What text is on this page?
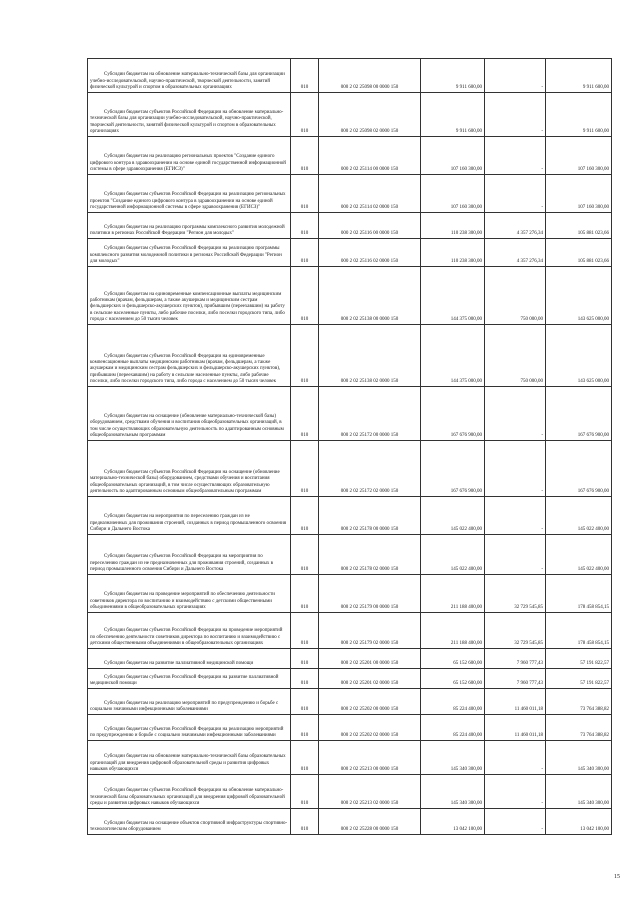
Субсидии бюджетам на обновление материально-технической базы для организации учебно-исследовательской, научно-практической, творческой деятельности, занятий физической культурой и спортом в образовательных организациях	010	000 2 02 25098 00 0000 150	9 911 600,00	-	9 911 600,00

Субсидии бюджетам субъектов Российской Федерации на обновление материально-технической базы для организации учебно-исследовательской, научно-практической, творческой деятельности, занятий физической культурой и спортом в образовательных организациях	010	000 2 02 25098 02 0000 150	9 911 600,00	-	9 911 600,00

Субсидии бюджетам на реализацию региональных проектов "Создание единого цифрового контура в здравоохранении на основе единой государственной информационной системы в сфере здравоохранения (ЕГИСЗ)"	010	000 2 02 25114 00 0000 150	107 160 300,00	-	107 160 300,00

Субсидии бюджетам субъектов Российской Федерации на реализацию региональных проектов "Создание единого цифрового контура в здравоохранении на основе единой государственной информационной системы в сфере здравоохранения (ЕГИСЗ)"	010	000 2 02 25114 02 0000 150	107 160 300,00	-	107 160 300,00

Субсидии бюджетам на реализацию программы комплексного развития молодежной политики в регионах Российской Федерации "Регион для молодых"	010	000 2 02 25116 00 0000 150	110 238 300,00	4 357 276,34	105 881 023,66

Субсидии бюджетам субъектов Российской Федерации на реализацию программы комплексного развития молодежной политики в регионах Российской Федерации "Регион для молодых"	010	000 2 02 25116 02 0000 150	110 238 300,00	4 357 276,34	105 881 023,66

Субсидии бюджетам на единовременные компенсационные выплаты медицинским работникам (врачам, фельдшерам, а также акушеркам и медицинским сестрам фельдшерских и фельдшерско-акушерских пунктов), прибывшим (переехавшим) на работу в сельские населенные пункты, либо рабочие поселки, либо поселки городского типа, либо города с населением до 50 тысяч человек	010	000 2 02 25138 00 0000 150	144 375 000,00	750 000,00	143 625 000,00

Субсидии бюджетам субъектов Российской Федерации на единовременные компенсационные выплаты медицинским работникам (врачам, фельдшерам, а также акушеркам и медицинским сестрам фельдшерских и фельдшерско-акушерских пунктов), прибывшим (переехавшим) на работу в сельские населенные пункты, либо рабочие поселки, либо поселки городского типа, либо города с населением до 50 тысяч человек	010	000 2 02 25138 02 0000 150	144 375 000,00	750 000,00	143 625 000,00

Субсидии бюджетам на оснащение (обновление материально-технической базы) оборудованием, средствами обучения и воспитания общеобразовательных организаций, в том числе осуществляющих образовательную деятельность по адаптированным основным общеобразовательным программам	010	000 2 02 25172 00 0000 150	167 676 900,00	-	167 676 900,00

Субсидии бюджетам субъектов Российской Федерации на оснащение (обновление материально-технической базы) оборудованием, средствами обучения и воспитания общеобразовательных организаций, в том числе осуществляющих образовательную деятельность по адаптированным основным общеобразовательным программам	010	000 2 02 25172 02 0000 150	167 676 900,00	-	167 676 900,00

Субсидии бюджетам на мероприятия по переселению граждан из не предназначенных для проживания строений, созданных в период промышленного освоения Сибири и Дальнего Востока	010	000 2 02 25178 00 0000 150	145 022 400,00	-	145 022 400,00

Субсидии бюджетам субъектов Российской Федерации на мероприятия по переселению граждан из не предназначенных для проживания строений, созданных в период промышленного освоения Сибири и Дальнего Востока	010	000 2 02 25178 02 0000 150	145 022 400,00	-	145 022 400,00

Субсидии бюджетам на проведение мероприятий по обеспечению деятельности советников директора по воспитанию и взаимодействию с детскими общественными объединениями в общеобразовательных организациях	010	000 2 02 25179 00 0000 150	211 188 400,00	32 729 545,85	178 458 854,15

Субсидии бюджетам субъектов Российской Федерации на проведение мероприятий по обеспечению деятельности советников директора по воспитанию и взаимодействию с детскими общественными объединениями в общеобразовательных организациях	010	000 2 02 25179 02 0000 150	211 188 400,00	32 729 545,85	178 458 854,15

Субсидии бюджетам на развитие паллиативной медицинской помощи	010	000 2 02 25201 00 0000 150	65 152 600,00	7 960 777,43	57 191 822,57

Субсидии бюджетам субъектов Российской Федерации на развитие паллиативной медицинской помощи	010	000 2 02 25201 02 0000 150	65 152 600,00	7 960 777,43	57 191 822,57

Субсидии бюджетам на реализацию мероприятий по предупреждению и борьбе с социально значимыми инфекционными заболеваниями	010	000 2 02 25202 00 0000 150	85 224 400,00	11 460 011,18	73 764 388,82

Субсидии бюджетам субъектов Российской Федерации на реализацию мероприятий по предупреждению и борьбе с социально значимыми инфекционными заболеваниями	010	000 2 02 25202 02 0000 150	85 224 400,00	11 460 011,18	73 764 388,82

Субсидии бюджетам на обновление материально-технической базы образовательных организаций для внедрения цифровой образовательной среды и развития цифровых навыков обучающихся	010	000 2 02 25213 00 0000 150	145 340 300,00	-	145 340 300,00

Субсидии бюджетам субъектов Российской Федерации на обновление материально-технической базы образовательных организаций для внедрения цифровой образовательной среды и развития цифровых навыков обучающихся	010	000 2 02 25213 02 0000 150	145 340 300,00	-	145 340 300,00

Субсидии бюджетам на оснащение объектов спортивной инфраструктуры спортивно-технологическим оборудованием	010	000 2 02 25228 00 0000 150	13 042 100,00	-	13 042 100,00
15
